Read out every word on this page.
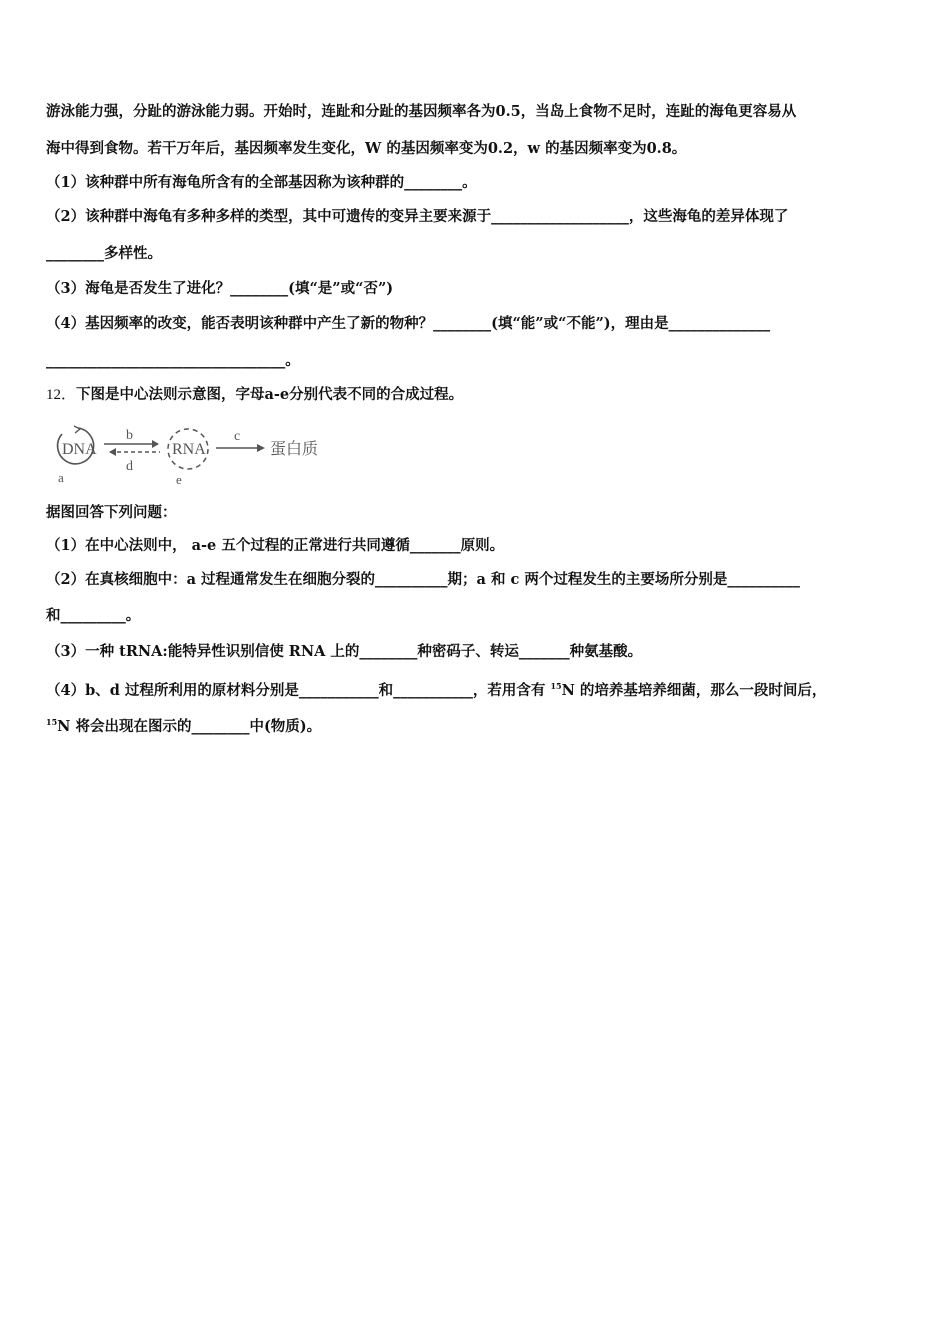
游泳能力强，分趾的游泳能力弱。开始时，连趾和分趾的基因频率各为0.5，当岛上食物不足时，连趾的海龟更容易从
海中得到食物。若干万年后，基因频率发生变化，W 的基因频率变为0.2，w 的基因频率变为0.8。
（1）该种群中所有海龟所含有的全部基因称为该种群的________。
（2）该种群中海龟有多种多样的类型，其中可遗传的变异主要来源于___________________，这些海龟的差异体现了
________多样性。
（3）海龟是否发生了进化？________(填“是”或“否”)
（4）基因频率的改变，能否表明该种群中产生了新的物种？________(填“能”或“不能”)，理由是______________
_________________________________。
12．下图是中心法则示意图，字母a-e分别代表不同的合成过程。
DNA
b
d
RNA
c
蛋白质
a	e
据图回答下列问题：
（1）在中心法则中， a-e 五个过程的正常进行共同遵循_______原则。
（2）在真核细胞中：a 过程通常发生在细胞分裂的__________期；a 和 c 两个过程发生的主要场所分别是__________
和_________。
（3）一种 tRNA:能特异性识别信使 RNA 上的________种密码子、转运_______种氨基酸。
（4）b、d 过程所利用的原材料分别是___________和___________，若用含有 $^{15}$N 的培养基培养细菌，那么一段时间后，
$^{15}$N 将会出现在图示的________中(物质)。
